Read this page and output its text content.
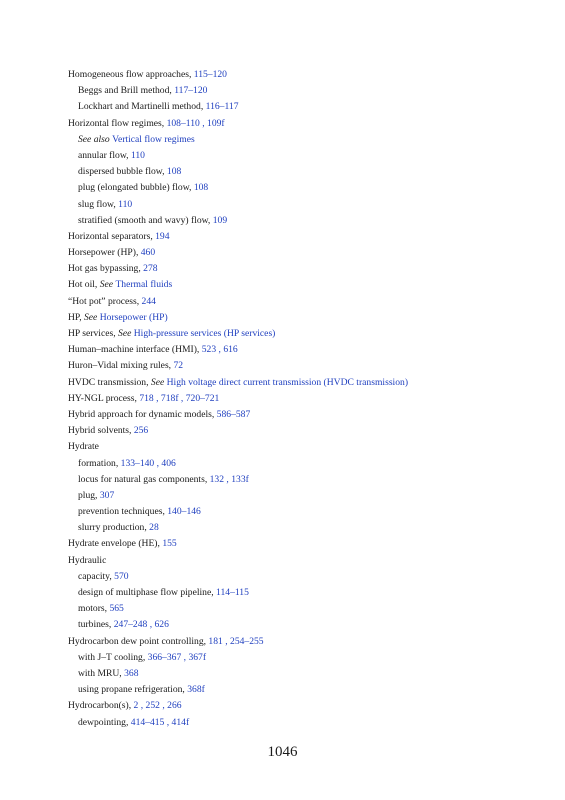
Homogeneous flow approaches, 115–120
Beggs and Brill method, 117–120
Lockhart and Martinelli method, 116–117
Horizontal flow regimes, 108–110 , 109f
See also Vertical flow regimes
annular flow, 110
dispersed bubble flow, 108
plug (elongated bubble) flow, 108
slug flow, 110
stratified (smooth and wavy) flow, 109
Horizontal separators, 194
Horsepower (HP), 460
Hot gas bypassing, 278
Hot oil, See Thermal fluids
“Hot pot” process, 244
HP, See Horsepower (HP)
HP services, See High-pressure services (HP services)
Human–machine interface (HMI), 523 , 616
Huron–Vidal mixing rules, 72
HVDC transmission, See High voltage direct current transmission (HVDC transmission)
HY-NGL process, 718 , 718f , 720–721
Hybrid approach for dynamic models, 586–587
Hybrid solvents, 256
Hydrate
formation, 133–140 , 406
locus for natural gas components, 132 , 133f
plug, 307
prevention techniques, 140–146
slurry production, 28
Hydrate envelope (HE), 155
Hydraulic
capacity, 570
design of multiphase flow pipeline, 114–115
motors, 565
turbines, 247–248 , 626
Hydrocarbon dew point controlling, 181 , 254–255
with J–T cooling, 366–367 , 367f
with MRU, 368
using propane refrigeration, 368f
Hydrocarbon(s), 2 , 252 , 266
dewpointing, 414–415 , 414f
1046
